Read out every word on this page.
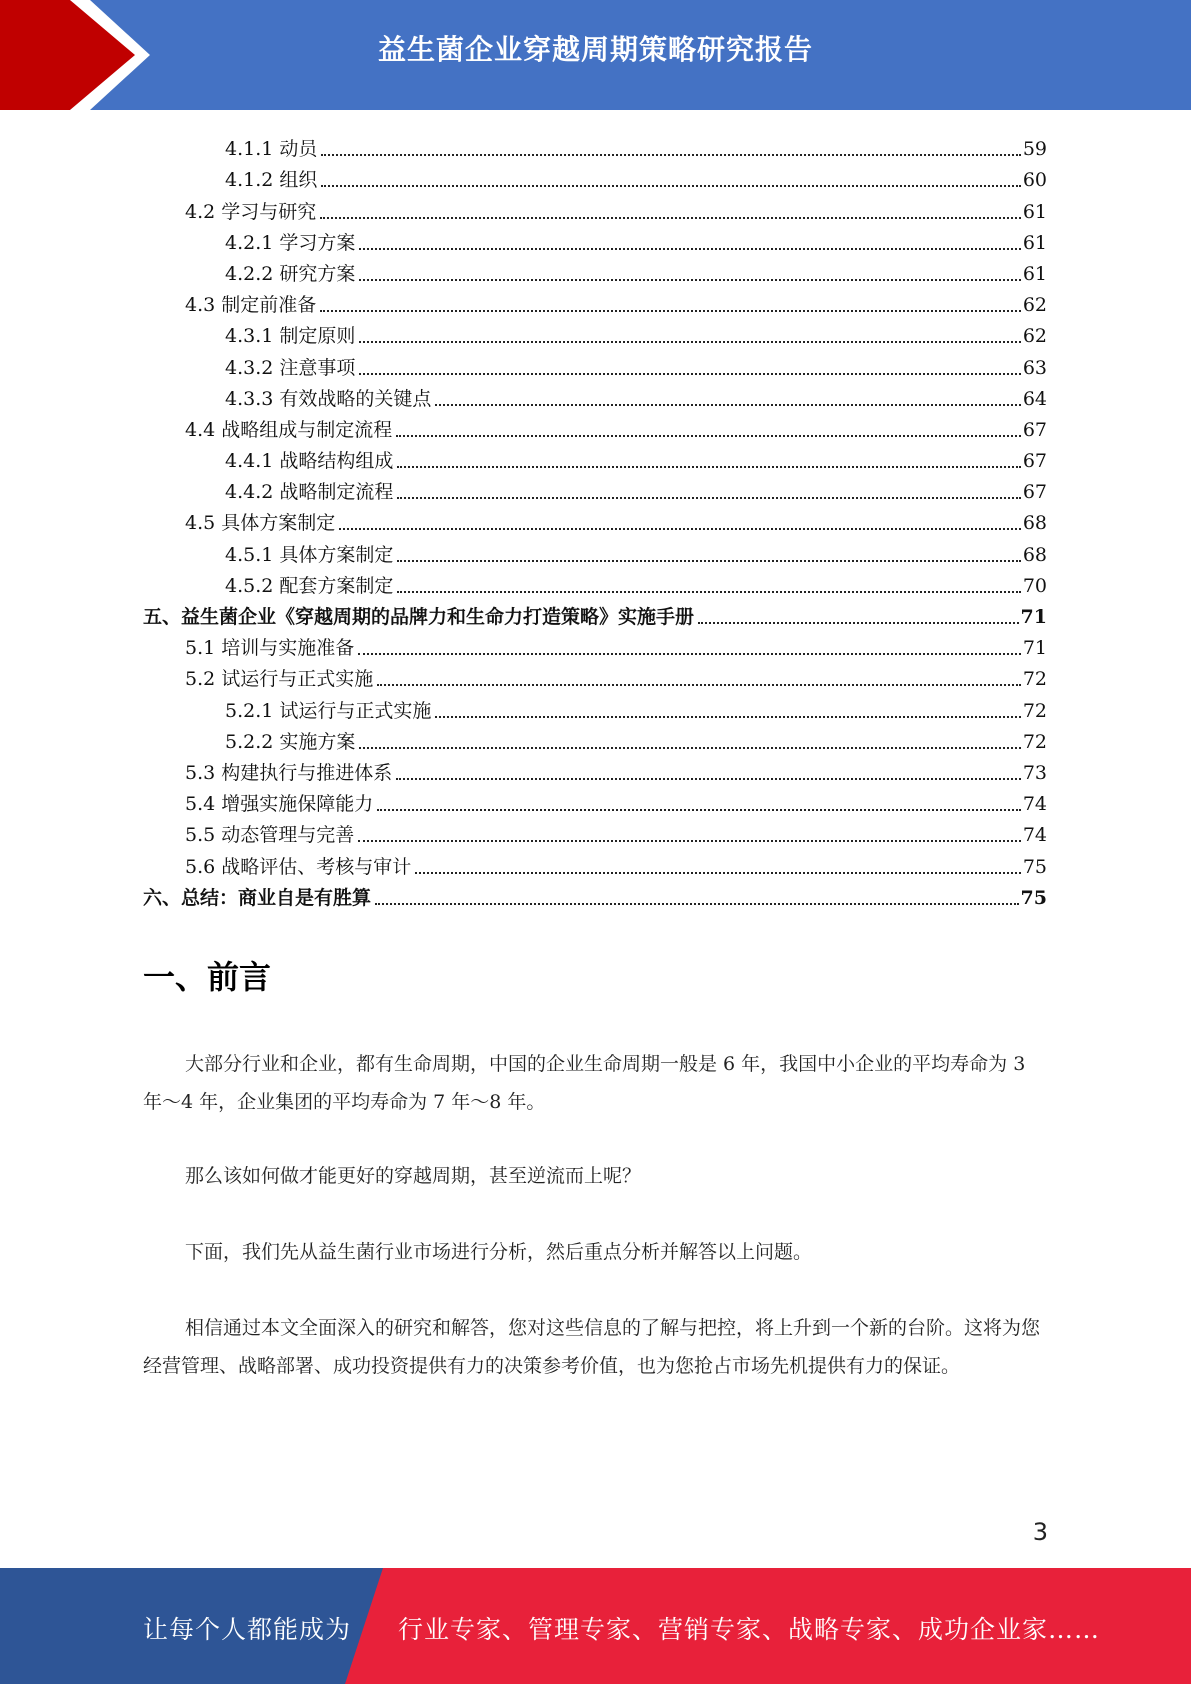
益生菌企业穿越周期策略研究报告
4.1.1 动员	59
4.1.2 组织	60
4.2 学习与研究	61
4.2.1 学习方案	61
4.2.2 研究方案	61
4.3 制定前准备	62
4.3.1 制定原则	62
4.3.2 注意事项	63
4.3.3 有效战略的关键点	64
4.4 战略组成与制定流程	67
4.4.1 战略结构组成	67
4.4.2 战略制定流程	67
4.5 具体方案制定	68
4.5.1 具体方案制定	68
4.5.2 配套方案制定	70
五、益生菌企业《穿越周期的品牌力和生命力打造策略》实施手册	71
5.1 培训与实施准备	71
5.2 试运行与正式实施	72
5.2.1 试运行与正式实施	72
5.2.2 实施方案	72
5.3 构建执行与推进体系	73
5.4 增强实施保障能力	74
5.5 动态管理与完善	74
5.6 战略评估、考核与审计	75
六、总结：商业自是有胜算	75
一、前言
大部分行业和企业，都有生命周期，中国的企业生命周期一般是 6 年，我国中小企业的平均寿命为 3 年～4 年，企业集团的平均寿命为 7 年～8 年。
那么该如何做才能更好的穿越周期，甚至逆流而上呢？
下面，我们先从益生菌行业市场进行分析，然后重点分析并解答以上问题。
相信通过本文全面深入的研究和解答，您对这些信息的了解与把控，将上升到一个新的台阶。这将为您经营管理、战略部署、成功投资提供有力的决策参考价值，也为您抢占市场先机提供有力的保证。
3
让每个人都能成为 行业专家、管理专家、营销专家、战略专家、成功企业家……
